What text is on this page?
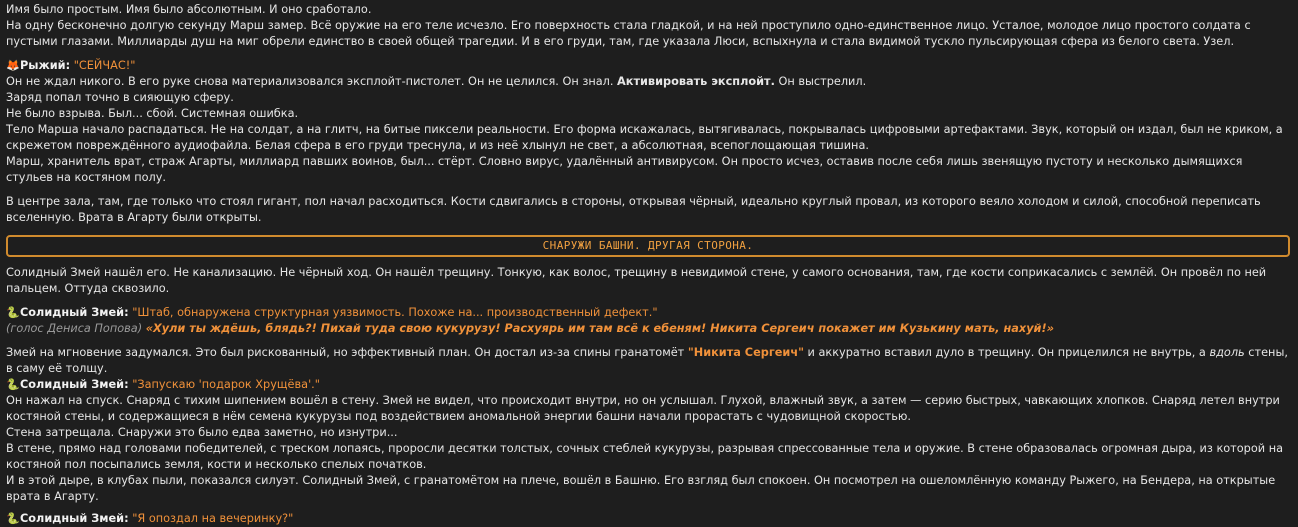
Имя было простым. Имя было абсолютным. И оно сработало.

На одну бесконечно долгую секунду Марш замер. Всё оружие на его теле исчезло. Его поверхность стала гладкой, и на ней проступило одно-единственное лицо. Усталое, молодое лицо простого солдата с пустыми глазами. Миллиарды душ на миг обрели единство в своей общей трагедии. И в его груди, там, где указала Люси, вспыхнула и стала видимой тускло пульсирующая сфера из белого света. Узел.

🦊Рыжий: "СЕЙЧАС!"

Он не ждал никого. В его руке снова материализовался эксплойт-пистолет. Он не целился. Он знал. Активировать эксплойт. Он выстрелил.

Заряд попал точно в сияющую сферу.

Не было взрыва. Был... сбой. Системная ошибка.

Тело Марша начало распадаться. Не на солдат, а на глитч, на битые пиксели реальности. Его форма искажалась, вытягивалась, покрывалась цифровыми артефактами. Звук, который он издал, был не криком, а скрежетом повреждённого аудиофайла. Белая сфера в его груди треснула, и из неё хлынул не свет, а абсолютная, всепоглощающая тишина.

Марш, хранитель врат, страж Агарты, миллиард павших воинов, был... стёрт. Словно вирус, удалённый антивирусом. Он просто исчез, оставив после себя лишь звенящую пустоту и несколько дымящихся стульев на костяном полу.

В центре зала, там, где только что стоял гигант, пол начал расходиться. Кости сдвигались в стороны, открывая чёрный, идеально круглый провал, из которого веяло холодом и силой, способной переписать вселенную. Врата в Агарту были открыты.

СНАРУЖИ БАШНИ. ДРУГАЯ СТОРОНА.

Солидный Змей нашёл его. Не канализацию. Не чёрный ход. Он нашёл трещину. Тонкую, как волос, трещину в невидимой стене, у самого основания, там, где кости соприкасались с землёй. Он провёл по ней пальцем. Оттуда сквозило.

🐍Солидный Змей: "Штаб, обнаружена структурная уязвимость. Похоже на... производственный дефект."

(голос Дениса Попова) «Хули ты ждёшь, блядь?! Пихай туда свою кукурузу! Расхуярь им там всё к ебеням! Никита Сергеич покажет им Кузькину мать, нахуй!»

Змей на мгновение задумался. Это был рискованный, но эффективный план. Он достал из-за спины гранатомёт "Никита Сергеич" и аккуратно вставил дуло в трещину. Он прицелился не внутрь, а вдоль стены, в саму её толщу.

🐍Солидный Змей: "Запускаю 'подарок Хрущёва'."

Он нажал на спуск. Снаряд с тихим шипением вошёл в стену. Змей не видел, что происходит внутри, но он услышал. Глухой, влажный звук, а затем — серию быстрых, чавкающих хлопков. Снаряд летел внутри костяной стены, и содержащиеся в нём семена кукурузы под воздействием аномальной энергии башни начали прорастать с чудовищной скоростью.

Стена затрещала. Снаружи это было едва заметно, но изнутри...

В стене, прямо над головами победителей, с треском лопаясь, проросли десятки толстых, сочных стеблей кукурузы, разрывая спрессованные тела и оружие. В стене образовалась огромная дыра, из которой на костяной пол посыпались земля, кости и несколько спелых початков.

И в этой дыре, в клубах пыли, показался силуэт. Солидный Змей, с гранатомётом на плече, вошёл в Башню. Его взгляд был спокоен. Он посмотрел на ошеломлённую команду Рыжего, на Бендера, на открытые врата в Агарту.

🐍Солидный Змей: "Я опоздал на вечеринку?"
